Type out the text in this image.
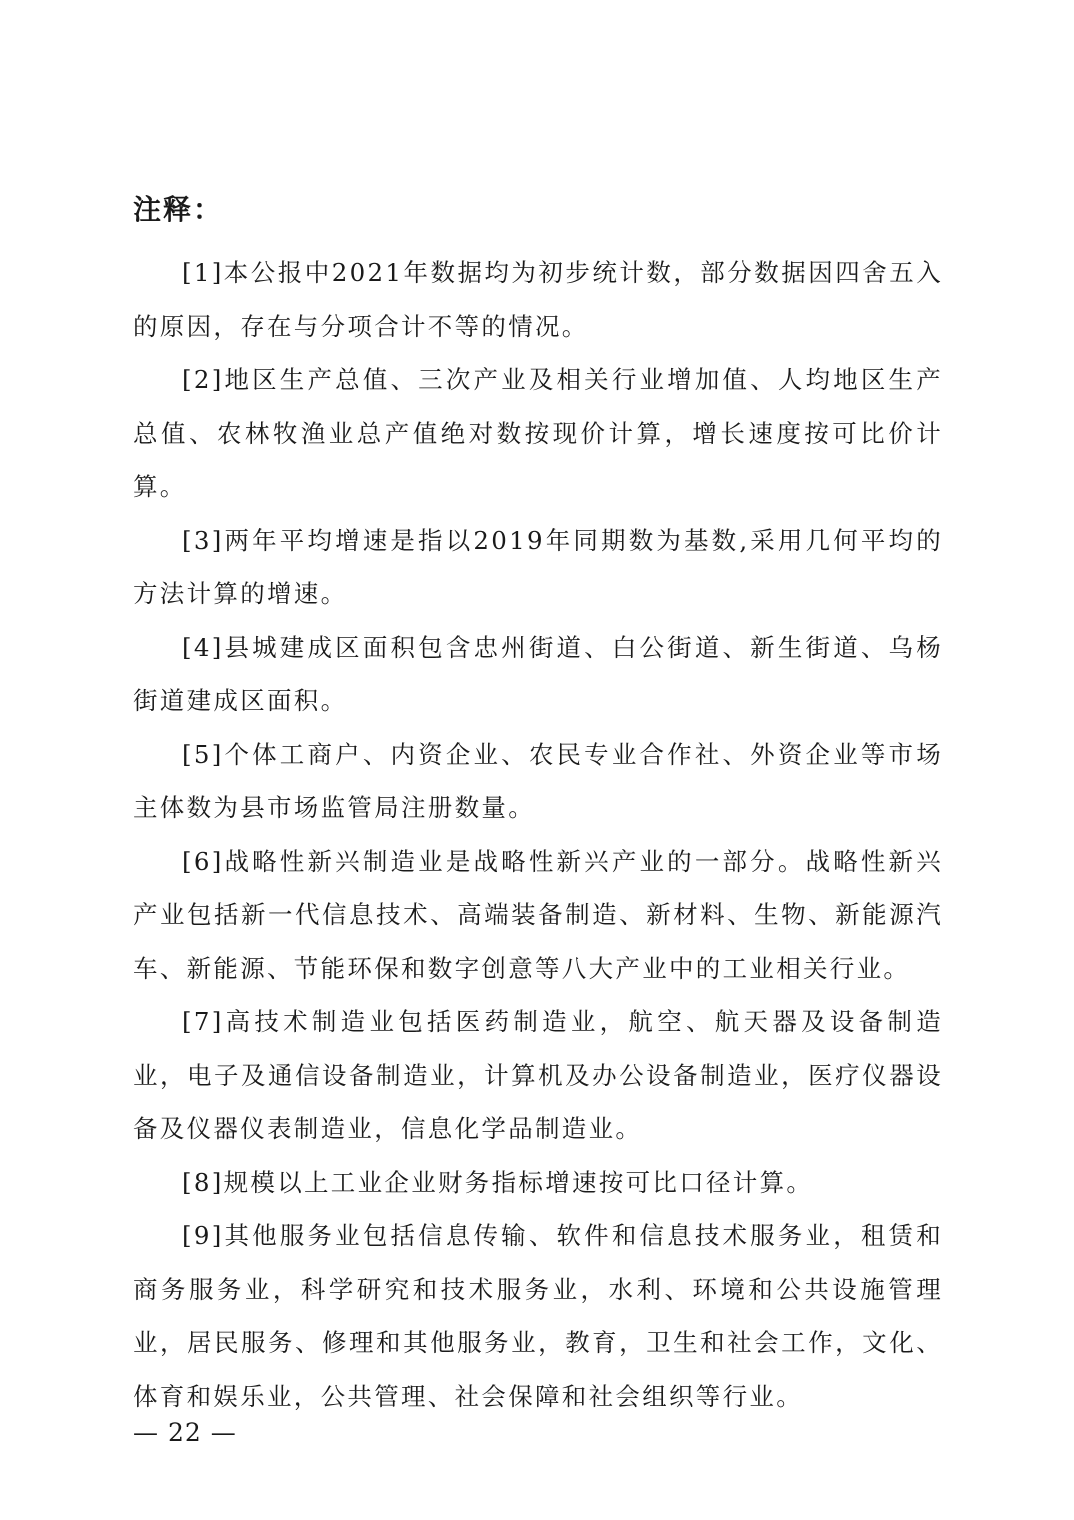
注释：
[1]本公报中2021年数据均为初步统计数，部分数据因四舍五入的原因，存在与分项合计不等的情况。
[2]地区生产总值、三次产业及相关行业增加值、人均地区生产总值、农林牧渔业总产值绝对数按现价计算，增长速度按可比价计算。
[3]两年平均增速是指以2019年同期数为基数,采用几何平均的方法计算的增速。
[4]县城建成区面积包含忠州街道、白公街道、新生街道、乌杨街道建成区面积。
[5]个体工商户、内资企业、农民专业合作社、外资企业等市场主体数为县市场监管局注册数量。
[6]战略性新兴制造业是战略性新兴产业的一部分。战略性新兴产业包括新一代信息技术、高端装备制造、新材料、生物、新能源汽车、新能源、节能环保和数字创意等八大产业中的工业相关行业。
[7]高技术制造业包括医药制造业，航空、航天器及设备制造业，电子及通信设备制造业，计算机及办公设备制造业，医疗仪器设备及仪器仪表制造业，信息化学品制造业。
[8]规模以上工业企业财务指标增速按可比口径计算。
[9]其他服务业包括信息传输、软件和信息技术服务业，租赁和商务服务业，科学研究和技术服务业，水利、环境和公共设施管理业，居民服务、修理和其他服务业，教育，卫生和社会工作，文化、体育和娱乐业，公共管理、社会保障和社会组织等行业。
— 22 —
